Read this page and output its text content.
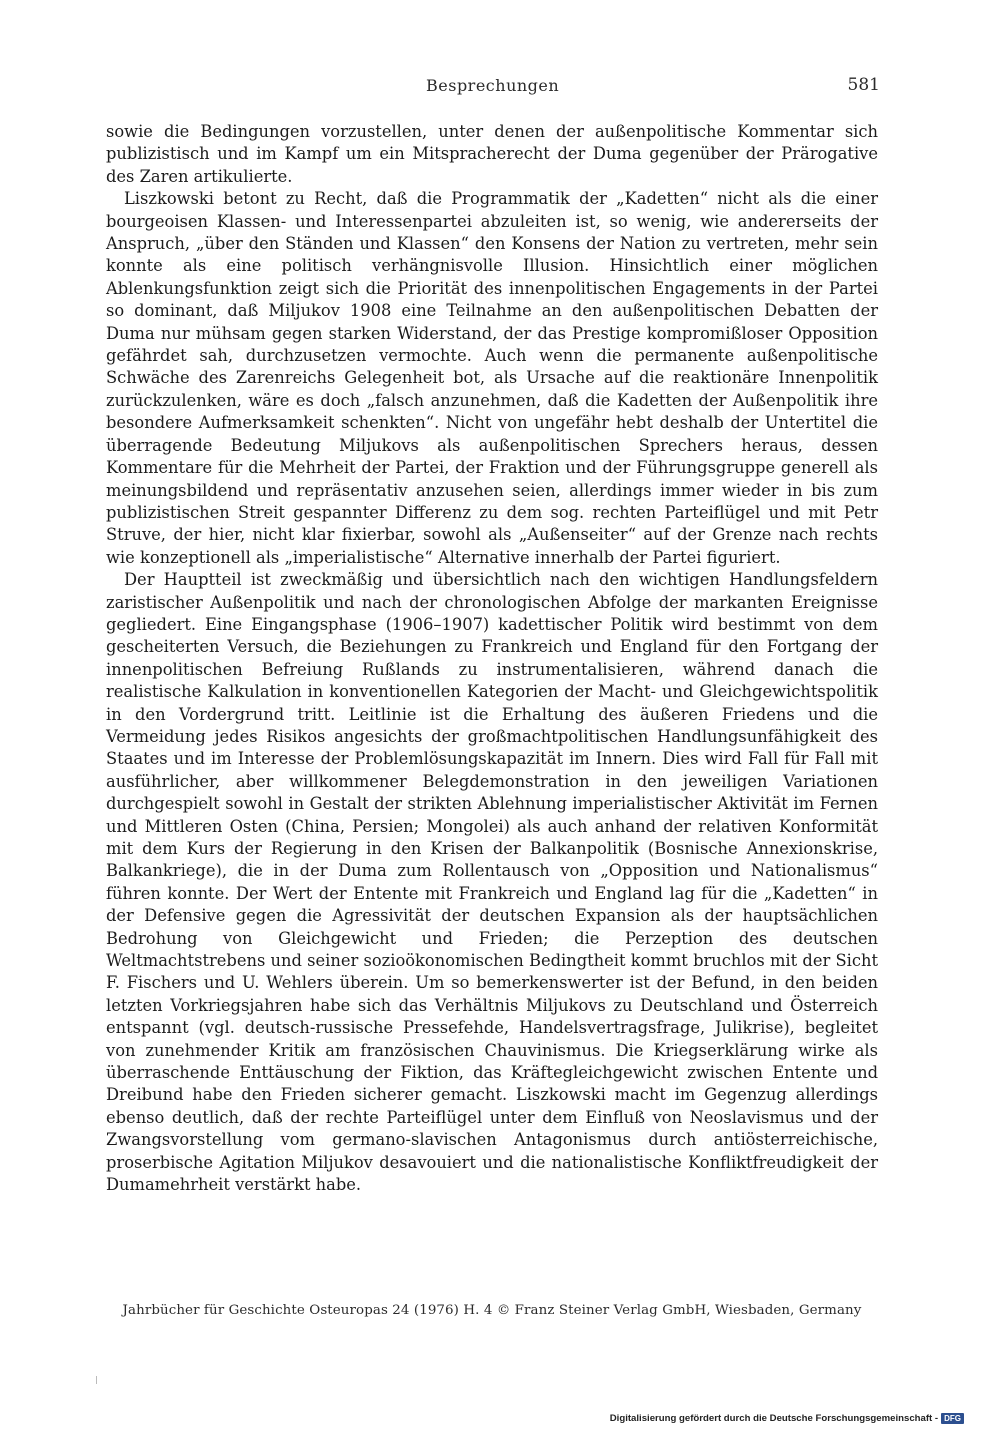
Besprechungen	581

sowie die Bedingungen vorzustellen, unter denen der außenpolitische Kommentar sich publizistisch und im Kampf um ein Mitspracherecht der Duma gegenüber der Prärogative des Zaren artikulierte.

Liszkowski betont zu Recht, daß die Programmatik der „Kadetten“ nicht als die einer bourgeoisen Klassen- und Interessenpartei abzuleiten ist, so wenig, wie andererseits der Anspruch, „über den Ständen und Klassen“ den Konsens der Nation zu vertreten, mehr sein konnte als eine politisch verhängnisvolle Illusion. Hinsichtlich einer möglichen Ablenkungsfunktion zeigt sich die Priorität des innenpolitischen Engagements in der Partei so dominant, daß Miljukov 1908 eine Teilnahme an den außenpolitischen Debatten der Duma nur mühsam gegen starken Widerstand, der das Prestige kompromißloser Opposition gefährdet sah, durchzusetzen vermochte. Auch wenn die permanente außenpolitische Schwäche des Zarenreichs Gelegenheit bot, als Ursache auf die reaktionäre Innenpolitik zurückzulenken, wäre es doch „falsch anzunehmen, daß die Kadetten der Außenpolitik ihre besondere Aufmerksamkeit schenkten“. Nicht von ungefähr hebt deshalb der Untertitel die überragende Bedeutung Miljukovs als außenpolitischen Sprechers heraus, dessen Kommentare für die Mehrheit der Partei, der Fraktion und der Führungsgruppe generell als meinungsbildend und repräsentativ anzusehen seien, allerdings immer wieder in bis zum publizistischen Streit gespannter Differenz zu dem sog. rechten Parteiflügel und mit Petr Struve, der hier, nicht klar fixierbar, sowohl als „Außenseiter“ auf der Grenze nach rechts wie konzeptionell als „imperialistische“ Alternative innerhalb der Partei figuriert.

Der Hauptteil ist zweckmäßig und übersichtlich nach den wichtigen Handlungsfeldern zaristischer Außenpolitik und nach der chronologischen Abfolge der markanten Ereignisse gegliedert. Eine Eingangsphase (1906–1907) kadettischer Politik wird bestimmt von dem gescheiterten Versuch, die Beziehungen zu Frankreich und England für den Fortgang der innenpolitischen Befreiung Rußlands zu instrumentalisieren, während danach die realistische Kalkulation in konventionellen Kategorien der Macht- und Gleichgewichtspolitik in den Vordergrund tritt. Leitlinie ist die Erhaltung des äußeren Friedens und die Vermeidung jedes Risikos angesichts der großmachtpolitischen Handlungsunfähigkeit des Staates und im Interesse der Problemlösungskapazität im Innern. Dies wird Fall für Fall mit ausführlicher, aber willkommener Belegdemonstration in den jeweiligen Variationen durchgespielt sowohl in Gestalt der strikten Ablehnung imperialistischer Aktivität im Fernen und Mittleren Osten (China, Persien; Mongolei) als auch anhand der relativen Konformität mit dem Kurs der Regierung in den Krisen der Balkanpolitik (Bosnische Annexionskrise, Balkankriege), die in der Duma zum Rollentausch von „Opposition und Nationalismus“ führen konnte. Der Wert der Entente mit Frankreich und England lag für die „Kadetten“ in der Defensive gegen die Agressivität der deutschen Expansion als der hauptsächlichen Bedrohung von Gleichgewicht und Frieden; die Perzeption des deutschen Weltmachtstrebens und seiner sozioökonomischen Bedingtheit kommt bruchlos mit der Sicht F. Fischers und U. Wehlers überein. Um so bemerkenswerter ist der Befund, in den beiden letzten Vorkriegsjahren habe sich das Verhältnis Miljukovs zu Deutschland und Österreich entspannt (vgl. deutsch-russische Pressefehde, Handelsvertragsfrage, Julikrise), begleitet von zunehmender Kritik am französischen Chauvinismus. Die Kriegserklärung wirke als überraschende Enttäuschung der Fiktion, das Kräftegleichgewicht zwischen Entente und Dreibund habe den Frieden sicherer gemacht. Liszkowski macht im Gegenzug allerdings ebenso deutlich, daß der rechte Parteiflügel unter dem Einfluß von Neoslavismus und der Zwangsvorstellung vom germano-slavischen Antagonismus durch antiösterreichische, proserbische Agitation Miljukov desavouiert und die nationalistische Konfliktfreudigkeit der Dumamehrheit verstärkt habe.

Jahrbücher für Geschichte Osteuropas 24 (1976) H. 4 © Franz Steiner Verlag GmbH, Wiesbaden, Germany
Digitalisierung gefördert durch die Deutsche Forschungsgemeinschaft - DFG
